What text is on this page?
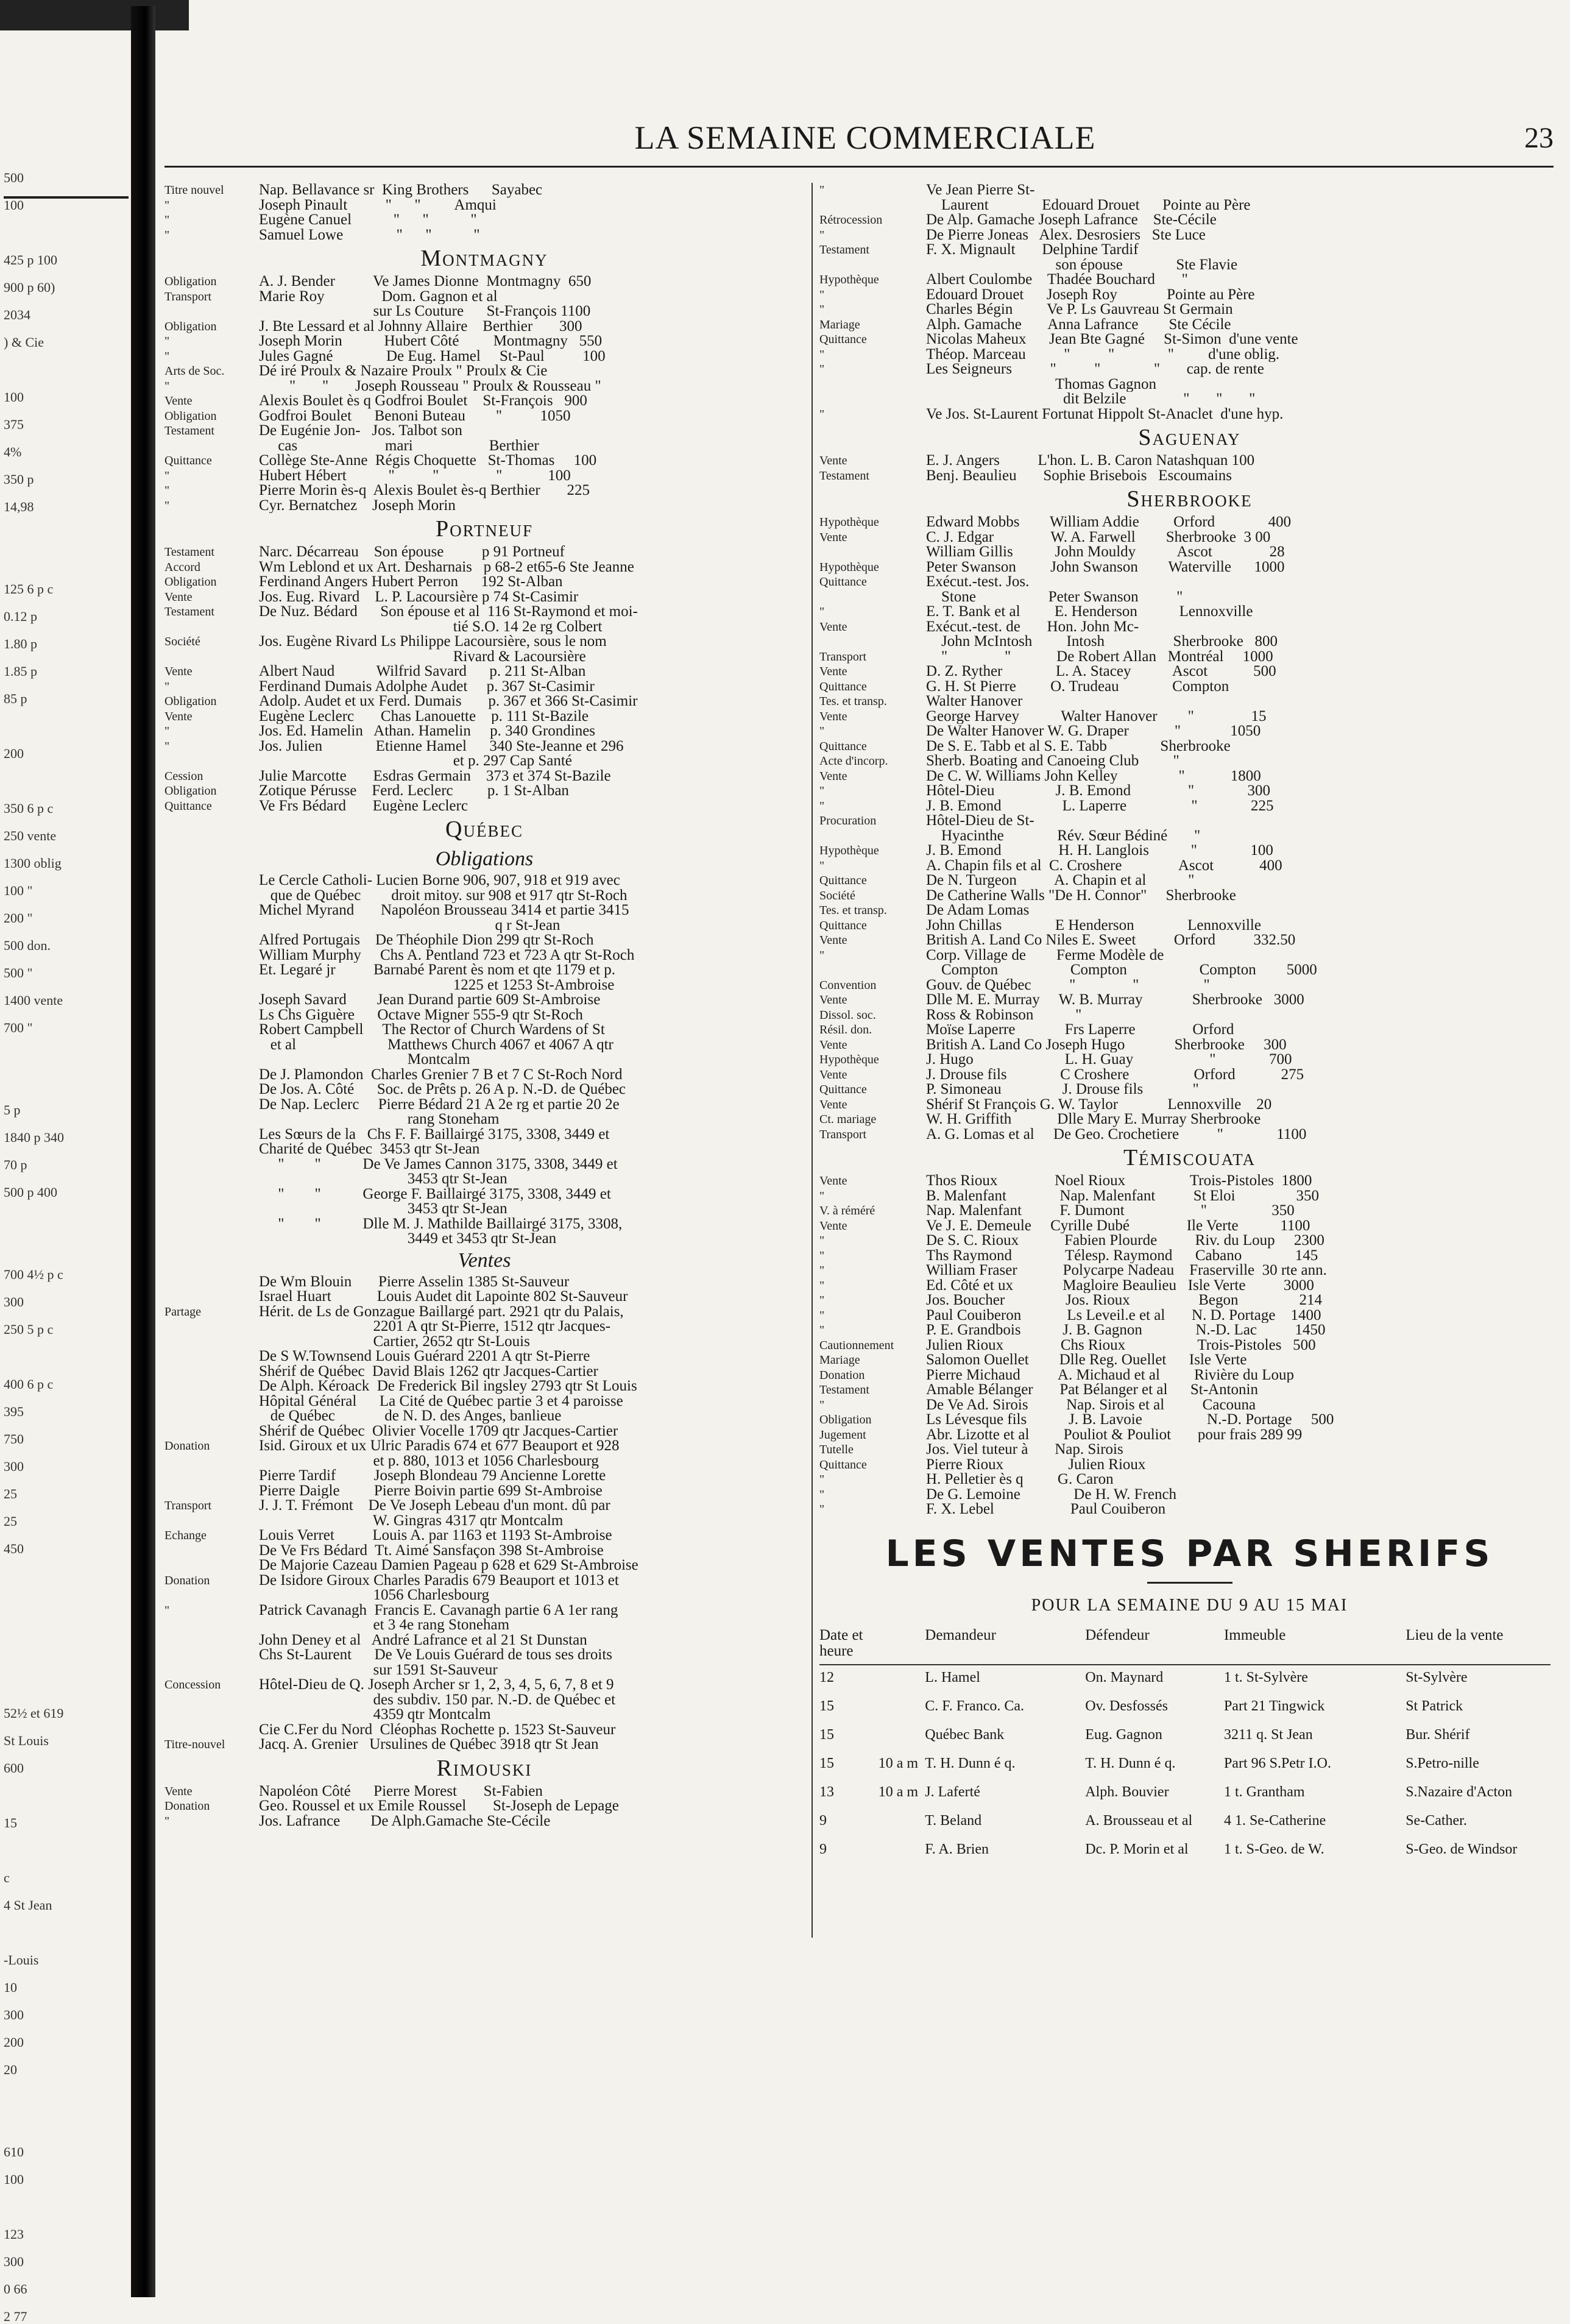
500
100
425 p 100
900 p 60)
2034
) & Cie
100
375
4%
350 p
14,98
125 6 p c
0.12 p
1.80 p
1.85 p
85 p
200
350 6 p c
250 vente
1300 oblig
100 "
200 "
500 don.
500 "
1400 vente
700 "
5 p
1840 p 340
70 p
500 p 400
700 4½ p c
300
250 5 p c
400 6 p c
395
750
300
25
25
450
52½ et 619
St Louis
600
15
c
4 St Jean
-Louis
10
300
200
20
610
100
123
300
0 66
2 77
LA SEMAINE COMMERCIALE	23
Titre nouvel	Nap. Bellavance sr  King Brothers      Sayabec
"	Joseph Pinault          "      "         Amqui
"	Eugène Canuel           "      "           "
"	Samuel Lowe              "      "           "
Montmagny
Obligation	A. J. Bender          Ve James Dionne  Montmagny  650
Transport	Marie Roy               Dom. Gagnon et al
sur Ls Couture      St-François 1100
Obligation	J. Bte Lessard et al Johnny Allaire    Berthier       300
"	Joseph Morin           Hubert Côté         Montmagny   550
"	Jules Gagné              De Eug. Hamel     St-Paul          100
Arts de Soc.	Dé iré Proulx & Nazaire Proulx " Proulx & Cie
"	"       "       Joseph Rousseau " Proulx & Rousseau "
Vente	Alexis Boulet ès q Godfroi Boulet    St-François   900
Obligation	Godfroi Boulet      Benoni Buteau        "          1050
Testament	De Eugénie Jon-   Jos. Talbot son
cas                       mari                    Berthier
Quittance	Collège Ste-Anne  Régis Choquette   St-Thomas     100
"	Hubert Hébert           "          "               "            100
"	Pierre Morin ès-q  Alexis Boulet ès-q Berthier       225
"	Cyr. Bernatchez    Joseph Morin
Portneuf
Testament	Narc. Décarreau    Son épouse          p 91 Portneuf
Accord	Wm Leblond et ux Art. Desharnais   p 68-2 et65-6 Ste Jeanne
Obligation	Ferdinand Angers Hubert Perron      192 St-Alban
Vente	Jos. Eug. Rivard    L. P. Lacoursière p 74 St-Casimir
Testament	De Nuz. Bédard      Son épouse et al  116 St-Raymond et moi-
tié S.O. 14 2e rg Colbert
Société	Jos. Eugène Rivard Ls Philippe Lacoursière, sous le nom
Rivard & Lacoursière
Vente	Albert Naud           Wilfrid Savard      p. 211 St-Alban
"	Ferdinand Dumais Adolphe Audet     p. 367 St-Casimir
Obligation	Adolp. Audet et ux Ferd. Dumais       p. 367 et 366 St-Casimir
Vente	Eugène Leclerc       Chas Lanouette    p. 111 St-Bazile
"	Jos. Ed. Hamelin   Athan. Hamelin     p. 340 Grondines
"	Jos. Julien              Etienne Hamel      340 Ste-Jeanne et 296
et p. 297 Cap Santé
Cession	Julie Marcotte       Esdras Germain    373 et 374 St-Bazile
Obligation	Zotique Pérusse    Ferd. Leclerc         p. 1 St-Alban
Quittance	Ve Frs Bédard       Eugène Leclerc
Québec
Obligations
Le Cercle Catholi- Lucien Borne 906, 907, 918 et 919 avec
que de Québec        droit mitoy. sur 908 et 917 qtr St-Roch
Michel Myrand       Napoléon Brousseau 3414 et partie 3415
q r St-Jean
Alfred Portugais    De Théophile Dion 299 qtr St-Roch
William Murphy     Chs A. Pentland 723 et 723 A qtr St-Roch
Et. Legaré jr          Barnabé Parent ès nom et qte 1179 et p.
1225 et 1253 St-Ambroise
Joseph Savard        Jean Durand partie 609 St-Ambroise
Ls Chs Giguère      Octave Migner 555-9 qtr St-Roch
Robert Campbell     The Rector of Church Wardens of St
et al                        Matthews Church 4067 et 4067 A qtr
Montcalm
De J. Plamondon  Charles Grenier 7 B et 7 C St-Roch Nord
De Jos. A. Côté      Soc. de Prêts p. 26 A p. N.-D. de Québec
De Nap. Leclerc     Pierre Bédard 21 A 2e rg et partie 20 2e
rang Stoneham
Les Sœurs de la   Chs F. F. Baillairgé 3175, 3308, 3449 et
Charité de Québec  3453 qtr St-Jean
"        "           De Ve James Cannon 3175, 3308, 3449 et
3453 qtr St-Jean
"        "           George F. Baillairgé 3175, 3308, 3449 et
3453 qtr St-Jean
"        "           Dlle M. J. Mathilde Baillairgé 3175, 3308,
3449 et 3453 qtr St-Jean
Ventes
De Wm Blouin       Pierre Asselin 1385 St-Sauveur
Israel Huart            Louis Audet dit Lapointe 802 St-Sauveur
Partage	Hérit. de Ls de Gonzague Baillargé part. 2921 qtr du Palais,
2201 A qtr St-Pierre, 1512 qtr Jacques-
Cartier, 2652 qtr St-Louis
De S W.Townsend Louis Guérard 2201 A qtr St-Pierre
Shérif de Québec  David Blais 1262 qtr Jacques-Cartier
De Alph. Kéroack  De Frederick Bil ingsley 2793 qtr St Louis
Hôpital Général      La Cité de Québec partie 3 et 4 paroisse
de Québec             de N. D. des Anges, banlieue
Shérif de Québec  Olivier Vocelle 1709 qtr Jacques-Cartier
Donation	Isid. Giroux et ux Ulric Paradis 674 et 677 Beauport et 928
et p. 880, 1013 et 1056 Charlesbourg
Pierre Tardif          Joseph Blondeau 79 Ancienne Lorette
Pierre Daigle         Pierre Boivin partie 699 St-Ambroise
Transport	J. J. T. Frémont    De Ve Joseph Lebeau d'un mont. dû par
W. Gingras 4317 qtr Montcalm
Echange	Louis Verret          Louis A. par 1163 et 1193 St-Ambroise
De Ve Frs Bédard  Tt. Aimé Sansfaçon 398 St-Ambroise
De Majorie Cazeau Damien Pageau p 628 et 629 St-Ambroise
Donation	De Isidore Giroux Charles Paradis 679 Beauport et 1013 et
1056 Charlesbourg
"	Patrick Cavanagh  Francis E. Cavanagh partie 6 A 1er rang
et 3 4e rang Stoneham
John Deney et al   André Lafrance et al 21 St Dunstan
Chs St-Laurent      De Ve Louis Guérard de tous ses droits
sur 1591 St-Sauveur
Concession	Hôtel-Dieu de Q. Joseph Archer sr 1, 2, 3, 4, 5, 6, 7, 8 et 9
des subdiv. 150 par. N.-D. de Québec et
4359 qtr Montcalm
Cie C.Fer du Nord  Cléophas Rochette p. 1523 St-Sauveur
Titre-nouvel	Jacq. A. Grenier   Ursulines de Québec 3918 qtr St Jean
Rimouski
Vente	Napoléon Côté      Pierre Morest       St-Fabien
Donation	Geo. Roussel et ux Emile Roussel       St-Joseph de Lepage
"	Jos. Lafrance        De Alph.Gamache Ste-Cécile
"	Ve Jean Pierre St-
Laurent              Edouard Drouet      Pointe au Père
Rétrocession	De Alp. Gamache Joseph Lafrance    Ste-Cécile
"	De Pierre Joneas   Alex. Desrosiers   Ste Luce
Testament	F. X. Mignault       Delphine Tardif
son épouse              Ste Flavie
Hypothèque	Albert Coulombe    Thadée Bouchard       "
"	Edouard Drouet      Joseph Roy             Pointe au Père
"	Charles Bégin         Ve P. Ls Gauvreau St Germain
Mariage	Alph. Gamache       Anna Lafrance        Ste Cécile
Quittance	Nicolas Maheux      Jean Bte Gagné     St-Simon  d'une vente
"	Théop. Marceau          "          "              "         d'une oblig.
"	Les Seigneurs          "          "              "       cap. de rente
Thomas Gagnon
dit Belzile               "       "       "
"	Ve Jos. St-Laurent Fortunat Hippolt St-Anaclet  d'une hyp.
Saguenay
Vente	E. J. Angers          L'hon. L. B. Caron Natashquan 100
Testament	Benj. Beaulieu       Sophie Brisebois   Escoumains
Sherbrooke
Hypothèque	Edward Mobbs        William Addie         Orford              400
Vente	C. J. Edgar               W. A. Farwell        Sherbrooke  3 00
William Gillis           John Mouldy           Ascot               28
Hypothèque	Peter Swanson         John Swanson        Waterville      1000
Quittance	Exécut.-test. Jos.
Stone                   Peter Swanson          "
"	E. T. Bank et al         E. Henderson           Lennoxville
Vente	Exécut.-test. de       Hon. John Mc-
John McIntosh         Intosh                  Sherbrooke   800
Transport	"               "            De Robert Allan   Montréal     1000
Vente	D. Z. Ryther              L. A. Stacey           Ascot            500
Quittance	G. H. St Pierre         O. Trudeau              Compton
Tes. et transp.	Walter Hanover
Vente	George Harvey           Walter Hanover        "               15
"	De Walter Hanover W. G. Draper            "             1050
Quittance	De S. E. Tabb et al S. E. Tabb              Sherbrooke
Acte d'incorp.	Sherb. Boating and Canoeing Club         "
Vente	De C. W. Williams John Kelley                "            1800
"	Hôtel-Dieu                J. B. Emond               "              300
"	J. B. Emond                L. Laperre                 "              225
Procuration	Hôtel-Dieu de St-
Hyacinthe              Rév. Sœur Bédiné       "
Hypothèque	J. B. Emond               H. H. Langlois           "              100
"	A. Chapin fils et al  C. Croshere               Ascot            400
Quittance	De N. Turgeon          A. Chapin et al           "
Société	De Catherine Walls "De H. Connor"     Sherbrooke
Tes. et transp.	De Adam Lomas
Quittance	John Chillas              E Henderson              Lennoxville
Vente	British A. Land Co Niles E. Sweet          Orford          332.50
"	Corp. Village de        Ferme Modèle de
Compton                   Compton                   Compton        5000
Convention	Gouv. de Québec          "               "                 "
Vente	Dlle M. E. Murray     W. B. Murray             Sherbrooke   3000
Dissol. soc.	Ross & Robinson           "
Résil. don.	Moïse Laperre             Frs Laperre               Orford
Vente	British A. Land Co Joseph Hugo             Sherbrooke     300
Hypothèque	J. Hugo                        L. H. Guay                    "              700
Vente	J. Drouse fils              C Croshere                 Orford            275
Quittance	P. Simoneau                J. Drouse fils             "
Vente	Shérif St François G. W. Taylor             Lennoxville    20
Ct. mariage	W. H. Griffith            Dlle Mary E. Murray Sherbrooke
Transport	A. G. Lomas et al     De Geo. Crochetiere          "              1100
Témiscouata
Vente	Thos Rioux               Noel Rioux                 Trois-Pistoles  1800
"	B. Malenfant              Nap. Malenfant          St Eloi                350
V. à réméré	Nap. Malenfant          F. Dumont                    "                 350
Vente	Ve J. E. Demeule     Cyrille Dubé               Ile Verte           1100
"	De S. C. Rioux            Fabien Plourde          Riv. du Loup     2300
"	Ths Raymond              Télesp. Raymond      Cabano              145
"	William Fraser            Polycarpe Nadeau    Fraserville  30 rte ann.
"	Ed. Côté et ux             Magloire Beaulieu   Isle Verte          3000
"	Jos. Boucher                Jos. Rioux                  Begon                214
"	Paul Couiberon            Ls Leveil.e et al       N. D. Portage    1400
"	P. E. Grandbois           J. B. Gagnon              N.-D. Lac          1450
Cautionnement	Julien Rioux               Chs Rioux                   Trois-Pistoles   500
Mariage	Salomon Ouellet        Dlle Reg. Ouellet      Isle Verte
Donation	Pierre Michaud          A. Michaud et al         Rivière du Loup
Testament	Amable Bélanger       Pat Bélanger et al      St-Antonin
"	De Ve Ad. Sirois          Nap. Sirois et al          Cacouna
Obligation	Ls Lévesque fils           J. B. Lavoie                 N.-D. Portage     500
Jugement	Abr. Lizotte et al         Pouliot & Pouliot       pour frais 289 99
Tutelle	Jos. Viel tuteur à       Nap. Sirois
Quittance	Pierre Rioux                 Julien Rioux
"	H. Pelletier ès q         G. Caron
"	De G. Lemoine              De H. W. French
"	F. X. Lebel                    Paul Couiberon
LES VENTES PAR SHERIFS
POUR LA SEMAINE DU 9 AU 15 MAI
Date et heure		Demandeur	Défendeur	Immeuble	Lieu de la vente
12		L. Hamel	On. Maynard	1 t. St-Sylvère	St-Sylvère
15		C. F. Franco. Ca.	Ov. Desfossés	Part 21 Tingwick	St Patrick
15		Québec Bank	Eug. Gagnon	3211 q. St Jean	Bur. Shérif
15	10 a m	T. H. Dunn é q.	T. H. Dunn é q.	Part 96 S.Petr I.O.	S.Petro-nille
13	10 a m	J. Laferté	Alph. Bouvier	1 t. Grantham	S.Nazaire d'Acton
9		T. Beland	A. Brousseau et al	4 1. Se-Catherine	Se-Cather.
9		F. A. Brien	Dc. P. Morin et al	1 t. S-Geo. de W.	S-Geo. de Windsor
